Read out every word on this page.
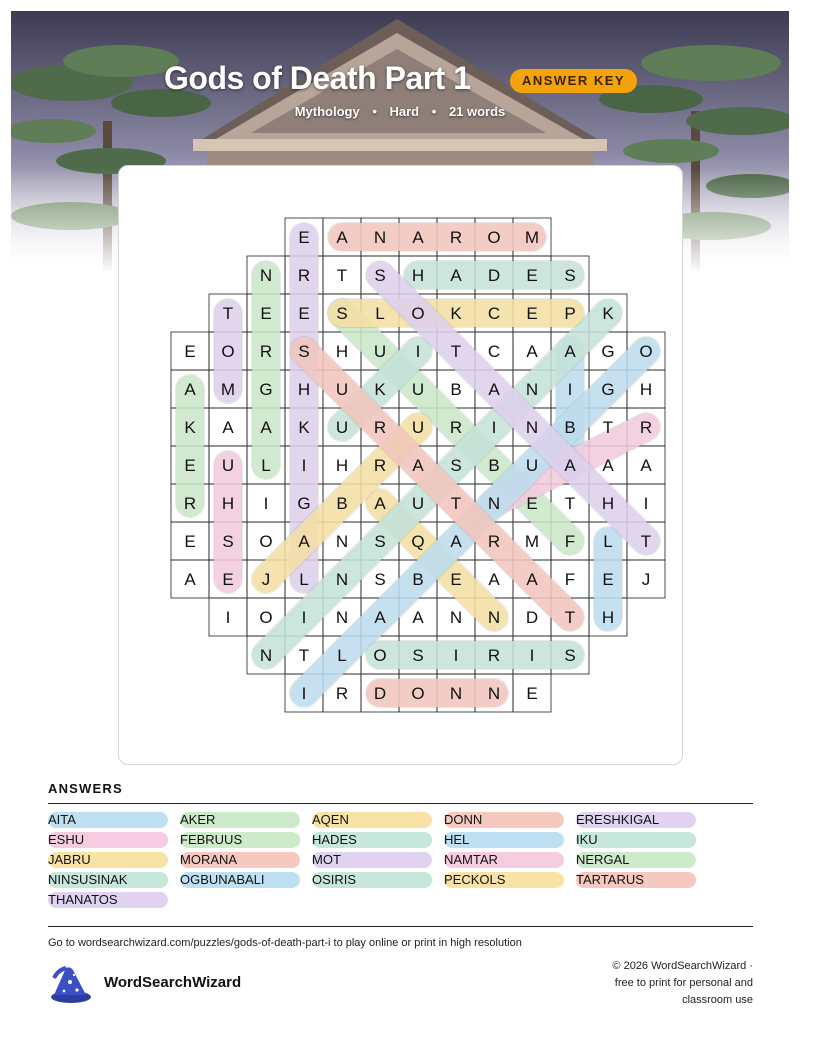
Gods of Death Part 1	ANSWER KEY
Mythology • Hard • 21 words
E A N A R O M
N R T S H A D E S
T E E S L O K C E P K
E O R S H U I T C A A G O
A M G H U K U B A N I G H
K A A K U R U R I N B T R
E U L I H R A S B U A A A
R H I G B A U T N E T H I
E S O A N S Q A R M F L T
A E J L N S B E A A F E J
I O I N A A N N D T H
N T L O S I R I S
I R D O N N E
ANSWERS
AITA	AKER	AQEN	DONN	ERESHKIGAL
ESHU	FEBRUUS	HADES	HEL	IKU
JABRU	MORANA	MOT	NAMTAR	NERGAL
NINSUSINAK	OGBUNABALI	OSIRIS	PECKOLS	TARTARUS
THANATOS
Go to wordsearchwizard.com/puzzles/gods-of-death-part-i to play online or print in high resolution
WordSearchWizard
© 2026 WordSearchWizard ·
free to print for personal and
classroom use
